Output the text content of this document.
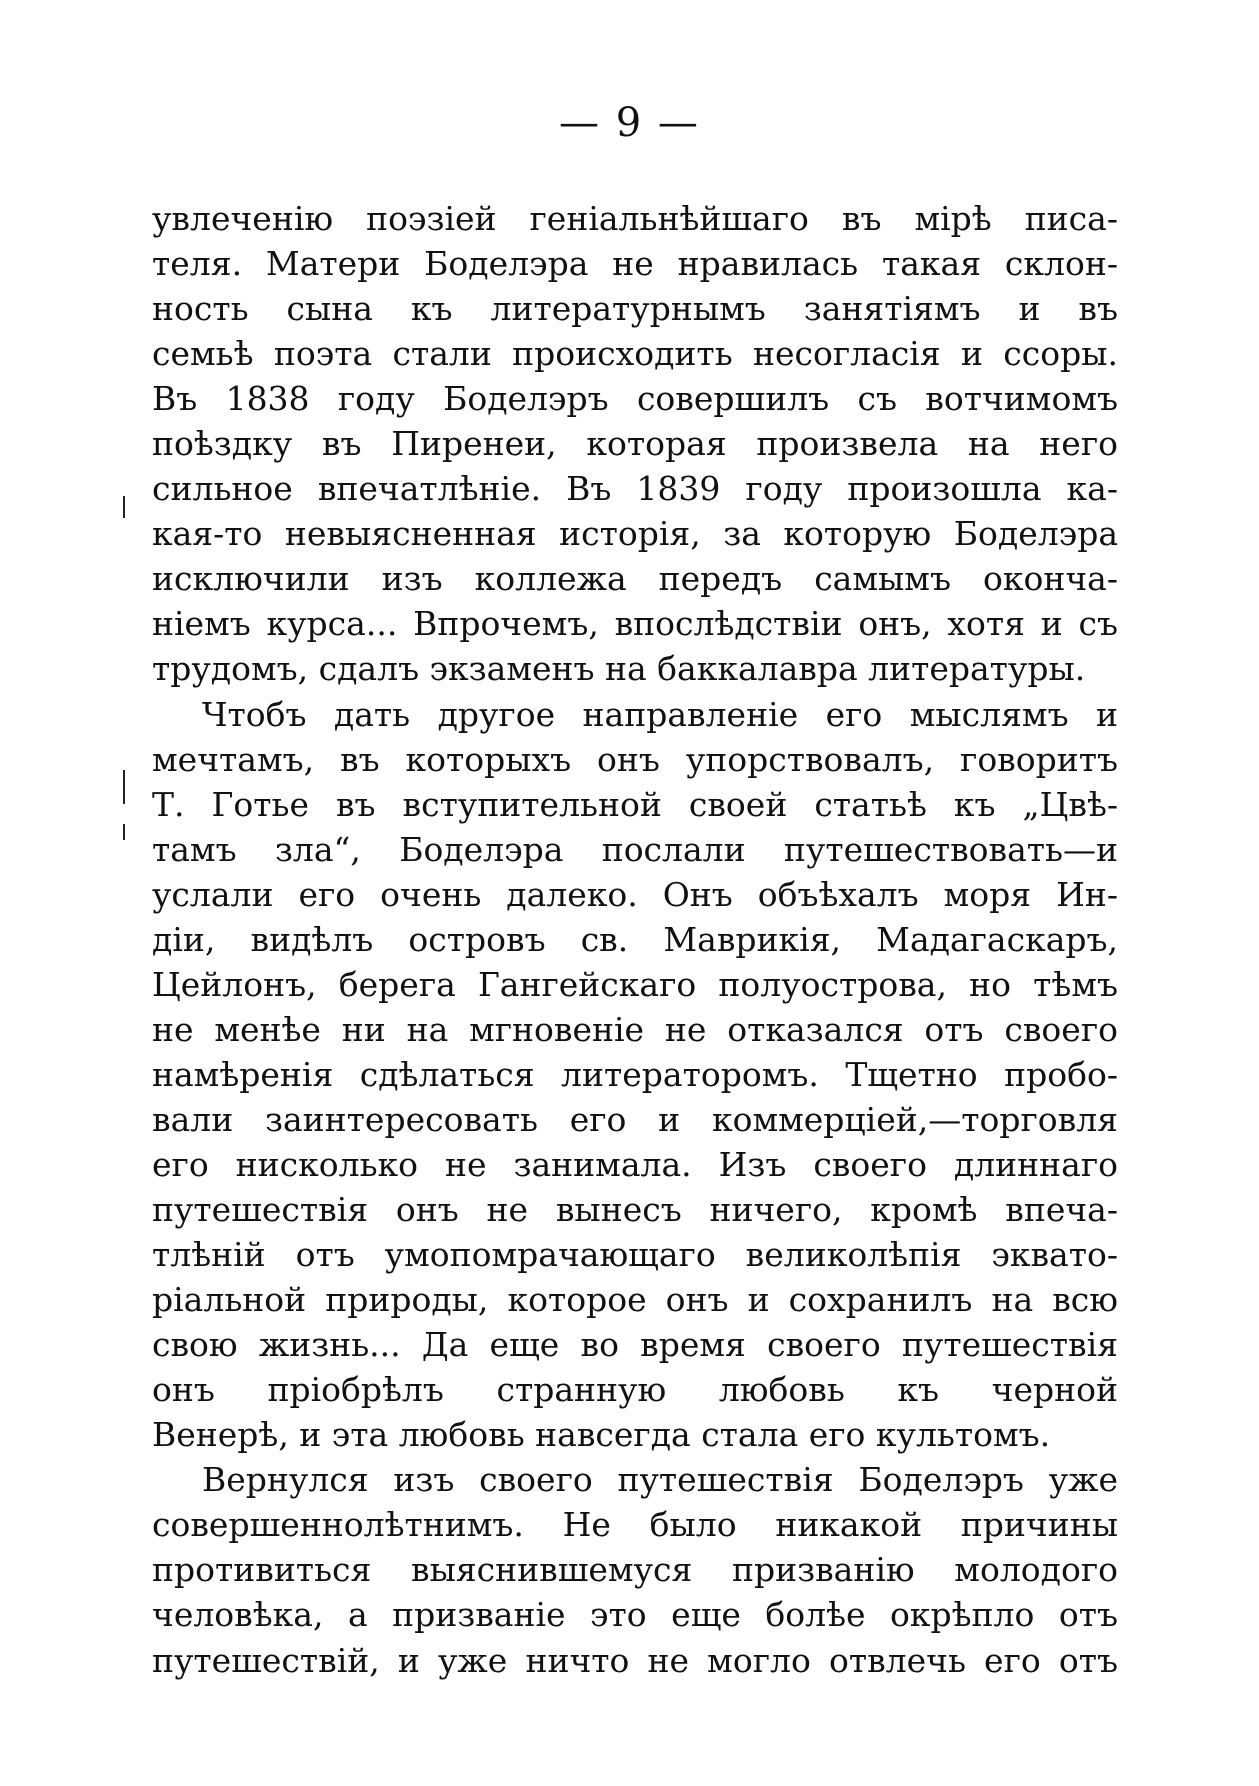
— 9 —
увлеченію поэзіей геніальнѣйшаго въ мірѣ писа-
теля. Матери Боделэра не нравилась такая склон-
ность сына къ литературнымъ занятіямъ и въ
семьѣ поэта стали происходить несогласія и ссоры.
Въ 1838 году Боделэръ совершилъ съ вотчимомъ
поѣздку въ Пиренеи, которая произвела на него
сильное впечатлѣніе. Въ 1839 году произошла ка-
кая-то невыясненная исторія, за которую Боделэра
исключили изъ коллежа передъ самымъ оконча-
ніемъ курса... Впрочемъ, впослѣдствіи онъ, хотя и съ
трудомъ, сдалъ экзаменъ на баккалавра литературы.
Чтобъ дать другое направленіе его мыслямъ и
мечтамъ, въ которыхъ онъ упорствовалъ, говоритъ
Т. Готье въ вступительной своей статьѣ къ „Цвѣ-
тамъ зла“, Боделэра послали путешествовать—и
услали его очень далеко. Онъ объѣхалъ моря Ин-
діи, видѣлъ островъ св. Маврикія, Мадагаскаръ,
Цейлонъ, берега Гангейскаго полуострова, но тѣмъ
не менѣе ни на мгновеніе не отказался отъ своего
намѣренія сдѣлаться литераторомъ. Тщетно пробо-
вали заинтересовать его и коммерціей,—торговля
его нисколько не занимала. Изъ своего длиннаго
путешествія онъ не вынесъ ничего, кромѣ впеча-
тлѣній отъ умопомрачающаго великолѣпія эквато-
ріальной природы, которое онъ и сохранилъ на всю
свою жизнь... Да еще во время своего путешествія
онъ пріобрѣлъ странную любовь къ черной
Венерѣ, и эта любовь навсегда стала его культомъ.
Вернулся изъ своего путешествія Боделэръ уже
совершеннолѣтнимъ. Не было никакой причины
противиться выяснившемуся призванію молодого
человѣка, а призваніе это еще болѣе окрѣпло отъ
путешествій, и уже ничто не могло отвлечь его отъ
